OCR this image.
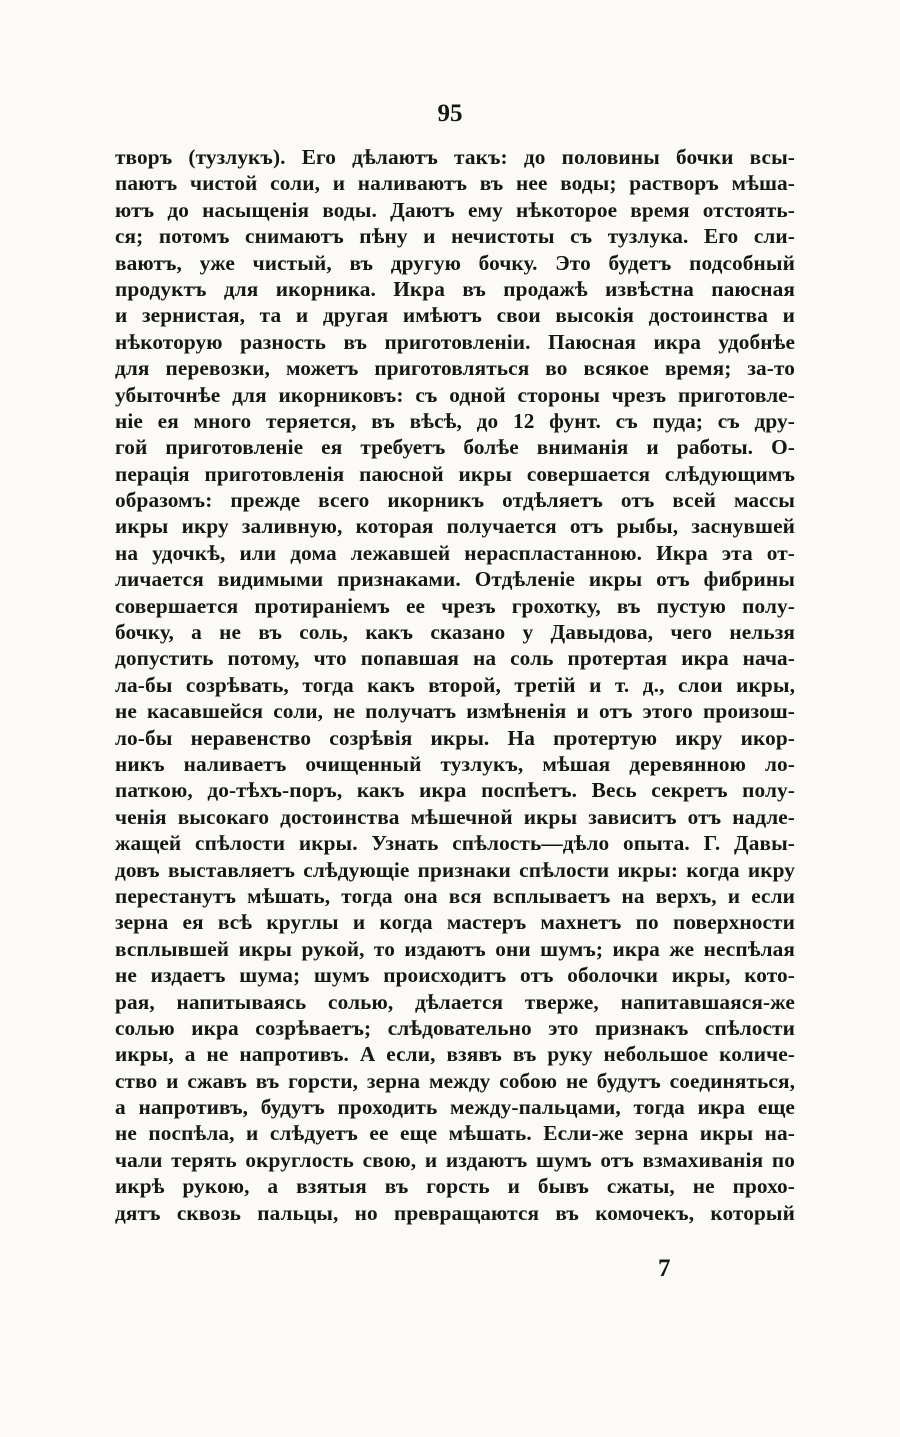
95
творъ (тузлукъ). Его дѣлаютъ такъ: до половины бочки всы-
паютъ чистой соли, и наливаютъ въ нее воды; растворъ мѣша-
ютъ до насыщенія воды. Даютъ ему нѣкоторое время отстоять-
ся; потомъ снимаютъ пѣну и нечистоты съ тузлука. Его сли-
ваютъ, уже чистый, въ другую бочку. Это будетъ подсобный
продуктъ для икорника. Икра въ продажѣ извѣстна паюсная
и зернистая, та и другая имѣютъ свои высокія достоинства и
нѣкоторую разность въ приготовленіи. Паюсная икра удобнѣе
для перевозки, можетъ приготовляться во всякое время; за-то
убыточнѣе для икорниковъ: съ одной стороны чрезъ приготовле-
ніе ея много теряется, въ вѣсѣ, до 12 фунт. съ пуда; съ дру-
гой приготовленіе ея требуетъ болѣе вниманія и работы. О-
перація приготовленія паюсной икры совершается слѣдующимъ
образомъ: прежде всего икорникъ отдѣляетъ отъ всей массы
икры икру заливную, которая получается отъ рыбы, заснувшей
на удочкѣ, или дома лежавшей нераспластанною. Икра эта от-
личается видимыми признаками. Отдѣленіе икры отъ фибрины
совершается протираніемъ ее чрезъ грохотку, въ пустую полу-
бочку, а не въ соль, какъ сказано у Давыдова, чего нельзя
допустить потому, что попавшая на соль протертая икра нача-
ла-бы созрѣвать, тогда какъ второй, третій и т. д., слои икры,
не касавшейся соли, не получатъ измѣненія и отъ этого произош-
ло-бы неравенство созрѣвія икры. На протертую икру икор-
никъ наливаетъ очищенный тузлукъ, мѣшая деревянною ло-
паткою, до-тѣхъ-поръ, какъ икра поспѣетъ. Весь секретъ полу-
ченія высокаго достоинства мѣшечной икры зависитъ отъ надле-
жащей спѣлости икры. Узнать спѣлость—дѣло опыта. Г. Давы-
довъ выставляетъ слѣдующіе признаки спѣлости икры: когда икру
перестанутъ мѣшать, тогда она вся всплываетъ на верхъ, и если
зерна ея всѣ круглы и когда мастеръ махнетъ по поверхности
всплывшей икры рукой, то издаютъ они шумъ; икра же неспѣлая
не издаетъ шума; шумъ происходитъ отъ оболочки икры, кото-
рая, напитываясь солью, дѣлается тверже, напитавшаяся-же
солью икра созрѣваетъ; слѣдовательно это признакъ спѣлости
икры, а не напротивъ. А если, взявъ въ руку небольшое количе-
ство и сжавъ въ горсти, зерна между собою не будутъ соединяться,
а напротивъ, будутъ проходить между-пальцами, тогда икра еще
не поспѣла, и слѣдуетъ ее еще мѣшать. Если-же зерна икры на-
чали терять округлость свою, и издаютъ шумъ отъ взмахиванія по
икрѣ рукою, а взятыя въ горсть и бывъ сжаты, не прохо-
дятъ сквозь пальцы, но превращаются въ комочекъ, который
7
